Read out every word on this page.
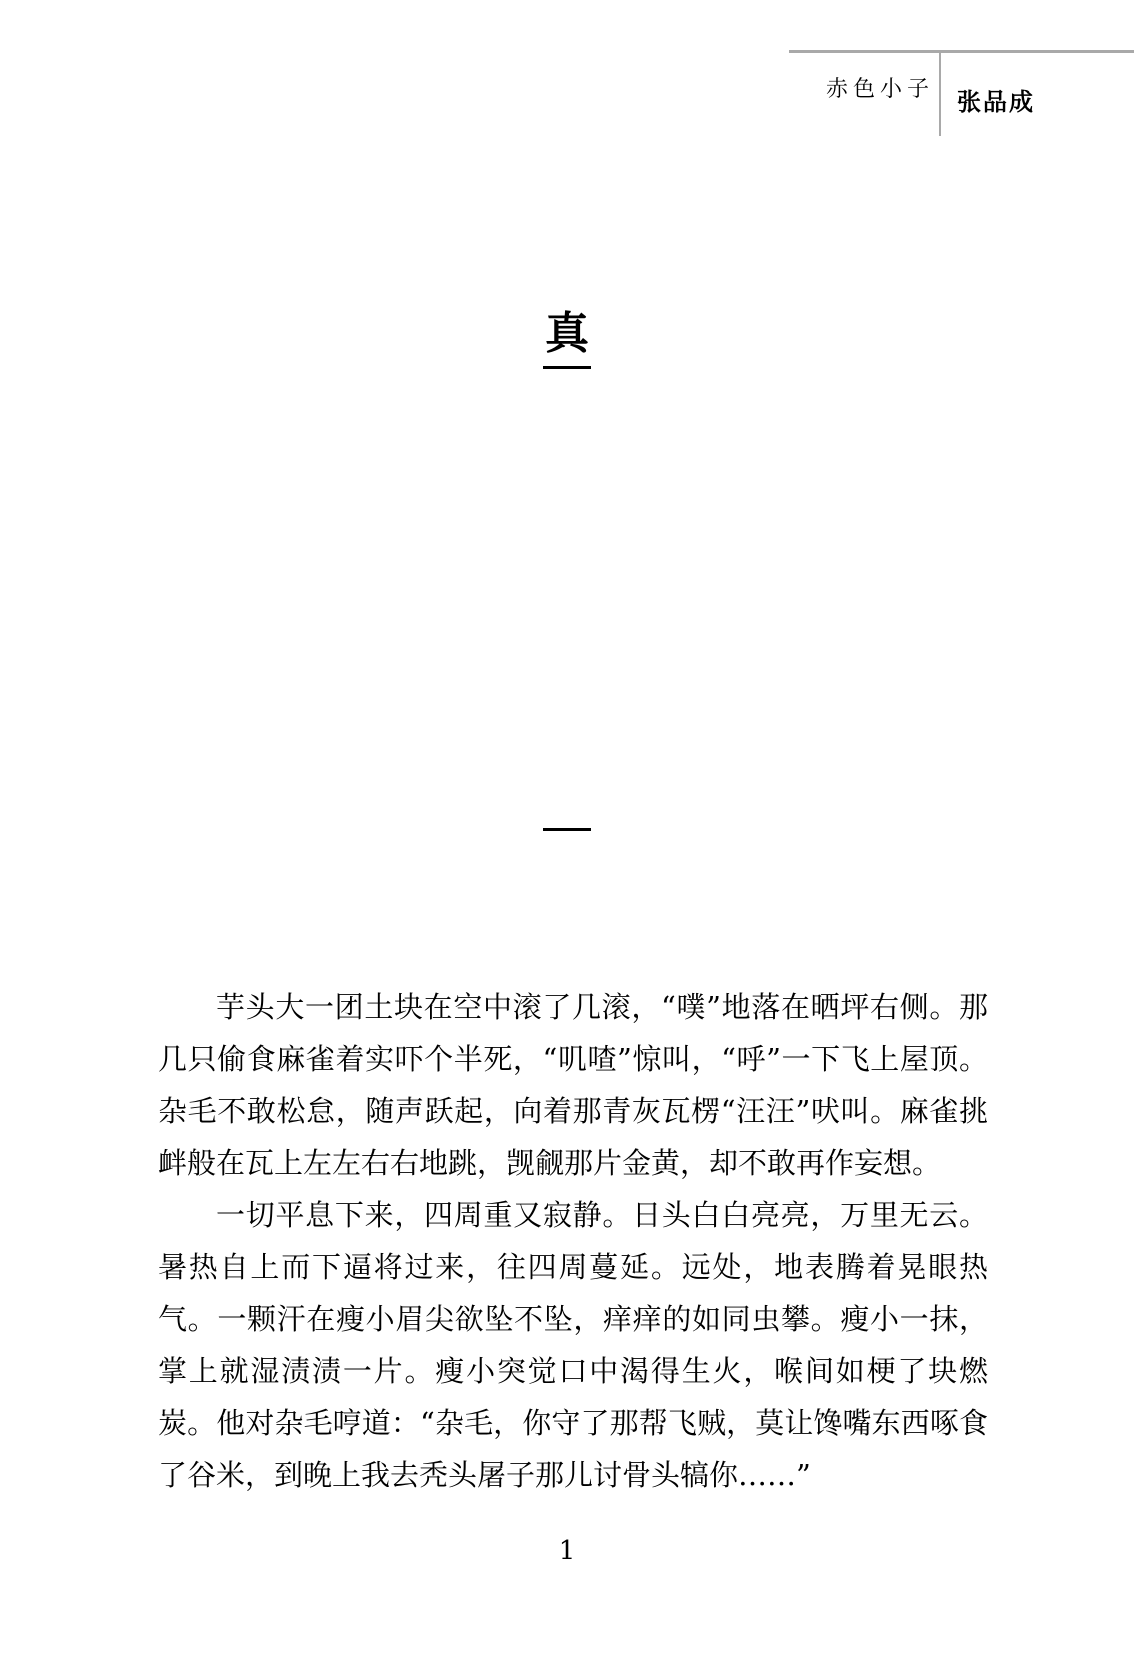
赤色小子 张品成
真

芋头大一团土块在空中滚了几滚，“噗”地落在晒坪右侧。那几只偷食麻雀着实吓个半死，“叽喳”惊叫，“呼”一下飞上屋顶。杂毛不敢松怠，随声跃起，向着那青灰瓦楞“汪汪”吠叫。麻雀挑衅般在瓦上左左右右地跳，觊觎那片金黄，却不敢再作妄想。

一切平息下来，四周重又寂静。日头白白亮亮，万里无云。暑热自上而下逼将过来，往四周蔓延。远处，地表腾着晃眼热气。一颗汗在瘦小眉尖欲坠不坠，痒痒的如同虫攀。瘦小一抹，掌上就湿渍渍一片。瘦小突觉口中渴得生火，喉间如梗了块燃炭。他对杂毛哼道：“杂毛，你守了那帮飞贼，莫让馋嘴东西啄食了谷米，到晚上我去秃头屠子那儿讨骨头犒你……”

1
